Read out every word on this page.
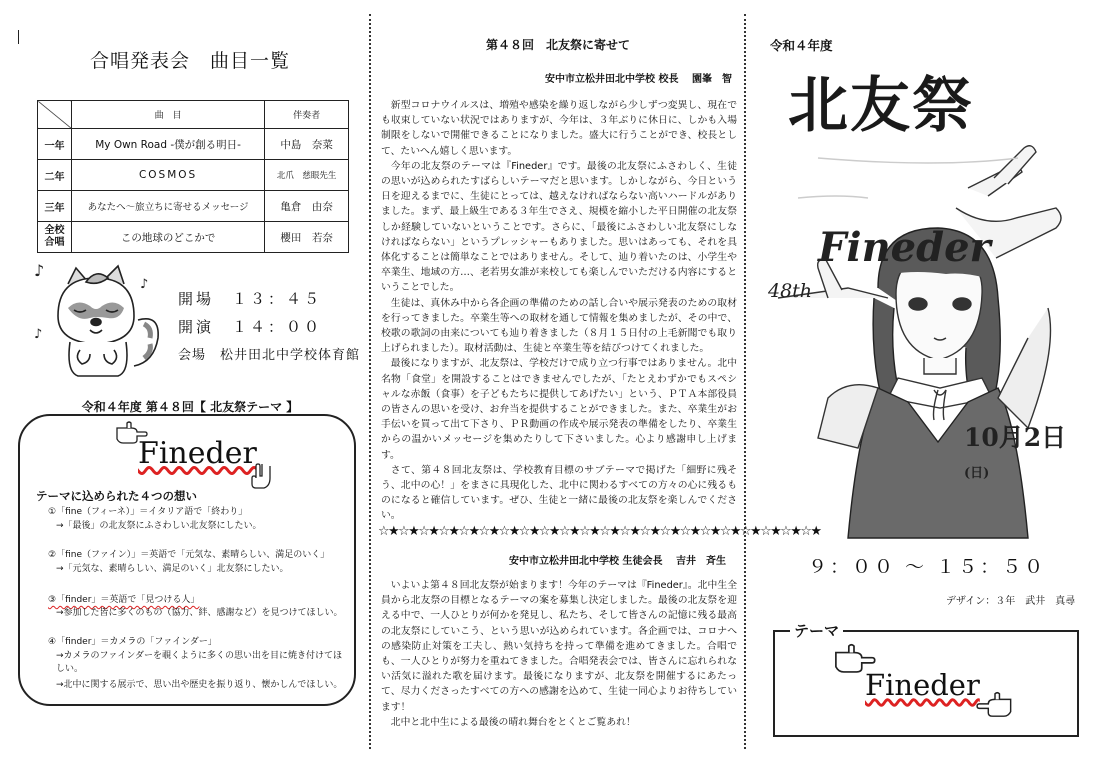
合唱発表会　曲目一覧
	曲　目	伴奏者
一年	My Own Road -僕が創る明日-	中島　奈菜
二年	COSMOS	北爪　慈眼先生
三年	あなたへ～旅立ちに寄せるメッセージ	亀倉　由奈
全校合唱	この地球のどこかで	櫻田　若奈
♪
♪
♪
開場　１３：４５
開演　１４：００
会場　松井田北中学校体育館
令和４年度 第４８回【 北友祭テーマ 】
Fineder
テーマに込められた４つの想い
①「fine（フィーネ）」＝イタリア語で「終わり」
→「最後」の北友祭にふさわしい北友祭にしたい。
②「fine（ファイン）」＝英語で「元気な、素晴らしい、満足のいく」
→「元気な、素晴らしい、満足のいく」北友祭にしたい。
③「finder」＝英語で「見つける人」
→参加した皆に多くのもの（協力、絆、感謝など）を見つけてほしい。
④「finder」＝カメラの「ファインダー」
→カメラのファインダーを覗くように多くの思い出を目に焼き付けてほしい。
→北中に関する展示で、思い出や歴史を振り返り、懐かしんでほしい。
第４８回　北友祭に寄せて
安中市立松井田北中学校 校長　 園峯　智

新型コロナウイルスは、増殖や感染を繰り返しながら少しずつ変異し、現在でも収束していない状況ではありますが、今年は、３年ぶりに休日に、しかも入場制限をしないで開催できることになりました。盛大に行うことができ、校長として、たいへん嬉しく思います。

今年の北友祭のテーマは『Fineder』です。最後の北友祭にふさわしく、生徒の思いが込められたすばらしいテーマだと思います。しかしながら、今日という日を迎えるまでに、生徒にとっては、越えなければならない高いハードルがありました。まず、最上級生である３年生でさえ、規模を縮小した平日開催の北友祭しか経験していないということです。さらに、「最後にふさわしい北友祭にしなければならない」というプレッシャーもありました。思いはあっても、それを具体化することは簡単なことではありません。そして、辿り着いたのは、小学生や卒業生、地域の方…、老若男女誰が来校しても楽しんでいただける内容にするということでした。

生徒は、真休み中から各企画の準備のための話し合いや展示発表のための取材を行ってきました。卒業生等への取材を通して情報を集めましたが、その中で、校歌の歌詞の由来についても辿り着きました（８月１５日付の上毛新聞でも取り上げられました）。取材活動は、生徒と卒業生等を結びつけてくれました。

最後になりますが、北友祭は、学校だけで成り立つ行事ではありません。北中名物「食堂」を開設することはできませんでしたが、「たとえわずかでもスペシャルな赤飯（食事）を子どもたちに提供してあげたい」という、ＰＴＡ本部役員の皆さんの思いを受け、お弁当を提供することができました。また、卒業生がお手伝いを買って出て下さり、ＰＲ動画の作成や展示発表の準備をしたり、卒業生からの温かいメッセージを集めたりして下さいました。心より感謝申し上げます。

さて、第４８回北友祭は、学校教育目標のサブテーマで掲げた「細野に残そう、北中の心！」をまさに具現化した、北中に関わるすべての方々の心に残るものになると確信しています。ぜひ、生徒と一緒に最後の北友祭を楽しんでください。

☆★☆★☆★☆★☆★☆★☆★☆★☆★☆★☆★☆★☆★☆★☆★☆★☆★☆★☆★☆★☆★☆★
安中市立松井田北中学校 生徒会長　 吉井　斉生

いよいよ第４８回北友祭が始まります！今年のテーマは『Fineder』。北中生全員から北友祭の目標となるテーマの案を募集し決定しました。最後の北友祭を迎える中で、一人ひとりが何かを発見し、私たち、そして皆さんの記憶に残る最高の北友祭にしていこう、という思いが込められています。各企画では、コロナへの感染防止対策を工夫し、熱い気持ちを持って準備を進めてきました。合唱でも、一人ひとりが努力を重ねてきました。合唱発表会では、皆さんに忘れられない活気に溢れた歌を届けます。最後になりますが、北友祭を開催するにあたって、尽力くださったすべての方への感謝を込めて、生徒一同心よりお待ちしています！

北中と北中生による最後の晴れ舞台をとくとご覧あれ！

令和４年度
北友祭
Fineder
48th
10月2日(日)
９：００ ～ １５：５０
デザイン：３年　武井　真尋
テーマ
Fineder
